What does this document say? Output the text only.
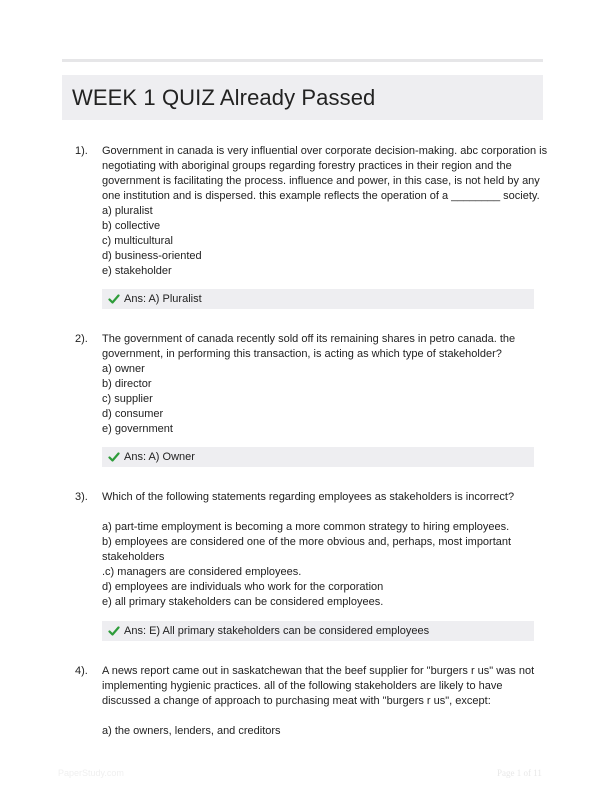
WEEK 1 QUIZ Already Passed
1). Government in canada is very influential over corporate decision-making. abc corporation is
negotiating with aboriginal groups regarding forestry practices in their region and the
government is facilitating the process. influence and power, in this case, is not held by any
one institution and is dispersed. this example reflects the operation of a ________ society.
a) pluralist
b) collective
c) multicultural
d) business-oriented
e) stakeholder
Ans: A) Pluralist
2). The government of canada recently sold off its remaining shares in petro canada. the
government, in performing this transaction, is acting as which type of stakeholder?
a) owner
b) director
c) supplier
d) consumer
e) government
Ans: A) Owner
3). Which of the following statements regarding employees as stakeholders is incorrect?
a) part-time employment is becoming a more common strategy to hiring employees.
b) employees are considered one of the more obvious and, perhaps, most important
stakeholders
.c) managers are considered employees.
d) employees are individuals who work for the corporation
e) all primary stakeholders can be considered employees.
Ans: E) All primary stakeholders can be considered employees
4). A news report came out in saskatchewan that the beef supplier for "burgers r us" was not
implementing hygienic practices. all of the following stakeholders are likely to have
discussed a change of approach to purchasing meat with "burgers r us", except:
a) the owners, lenders, and creditors
PaperStudy.com	Page 1 of 11
